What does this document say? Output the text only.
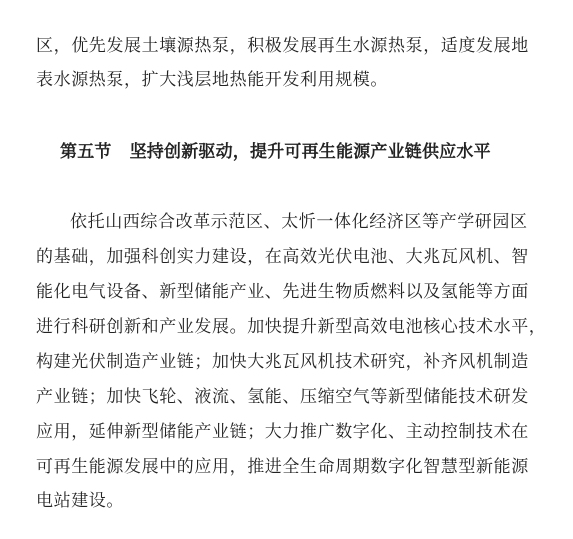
区，优先发展土壤源热泵，积极发展再生水源热泵，适度发展地
表水源热泵，扩大浅层地热能开发利用规模。
第五节 坚持创新驱动，提升可再生能源产业链供应水平
依托山西综合改革示范区、太忻一体化经济区等产学研园区
的基础，加强科创实力建设，在高效光伏电池、大兆瓦风机、智
能化电气设备、新型储能产业、先进生物质燃料以及氢能等方面
进行科研创新和产业发展。加快提升新型高效电池核心技术水平，
构建光伏制造产业链；加快大兆瓦风机技术研究，补齐风机制造
产业链；加快飞轮、液流、氢能、压缩空气等新型储能技术研发
应用，延伸新型储能产业链；大力推广数字化、主动控制技术在
可再生能源发展中的应用，推进全生命周期数字化智慧型新能源
电站建设。
